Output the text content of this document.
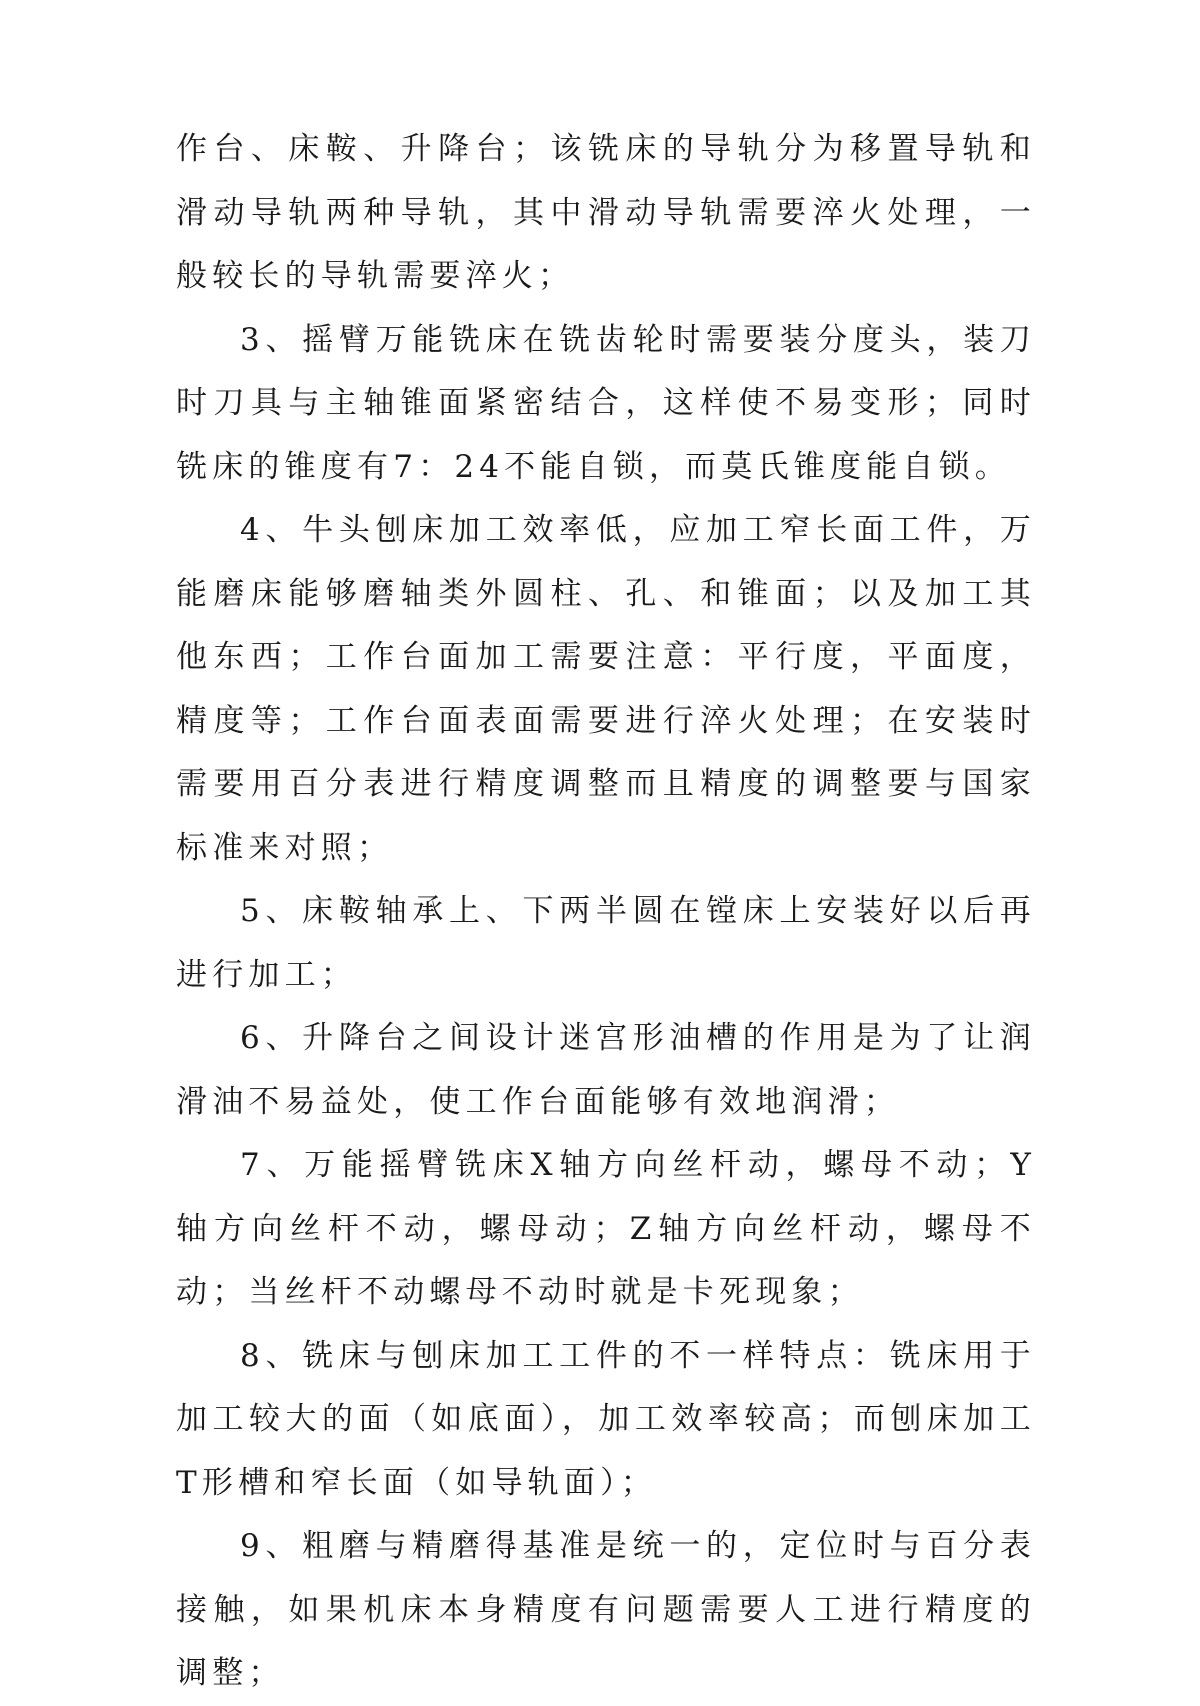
作台、床鞍、升降台；该铣床的导轨分为移置导轨和滑动导轨两种导轨，其中滑动导轨需要淬火处理，一般较长的导轨需要淬火；

3、摇臂万能铣床在铣齿轮时需要装分度头，装刀时刀具与主轴锥面紧密结合，这样使不易变形；同时铣床的锥度有7：24不能自锁，而莫氏锥度能自锁。

4、牛头刨床加工效率低，应加工窄长面工件，万能磨床能够磨轴类外圆柱、孔、和锥面；以及加工其他东西；工作台面加工需要注意：平行度，平面度，精度等；工作台面表面需要进行淬火处理；在安装时需要用百分表进行精度调整而且精度的调整要与国家标准来对照；

5、床鞍轴承上、下两半圆在镗床上安装好以后再进行加工；

6、升降台之间设计迷宫形油槽的作用是为了让润滑油不易益处，使工作台面能够有效地润滑；

7、万能摇臂铣床X轴方向丝杆动，螺母不动；Y轴方向丝杆不动，螺母动；Z轴方向丝杆动，螺母不动；当丝杆不动螺母不动时就是卡死现象；

8、铣床与刨床加工工件的不一样特点：铣床用于加工较大的面（如底面），加工效率较高；而刨床加工T形槽和窄长面（如导轨面）；

9、粗磨与精磨得基准是统一的，定位时与百分表接触，如果机床本身精度有问题需要人工进行精度的调整；
